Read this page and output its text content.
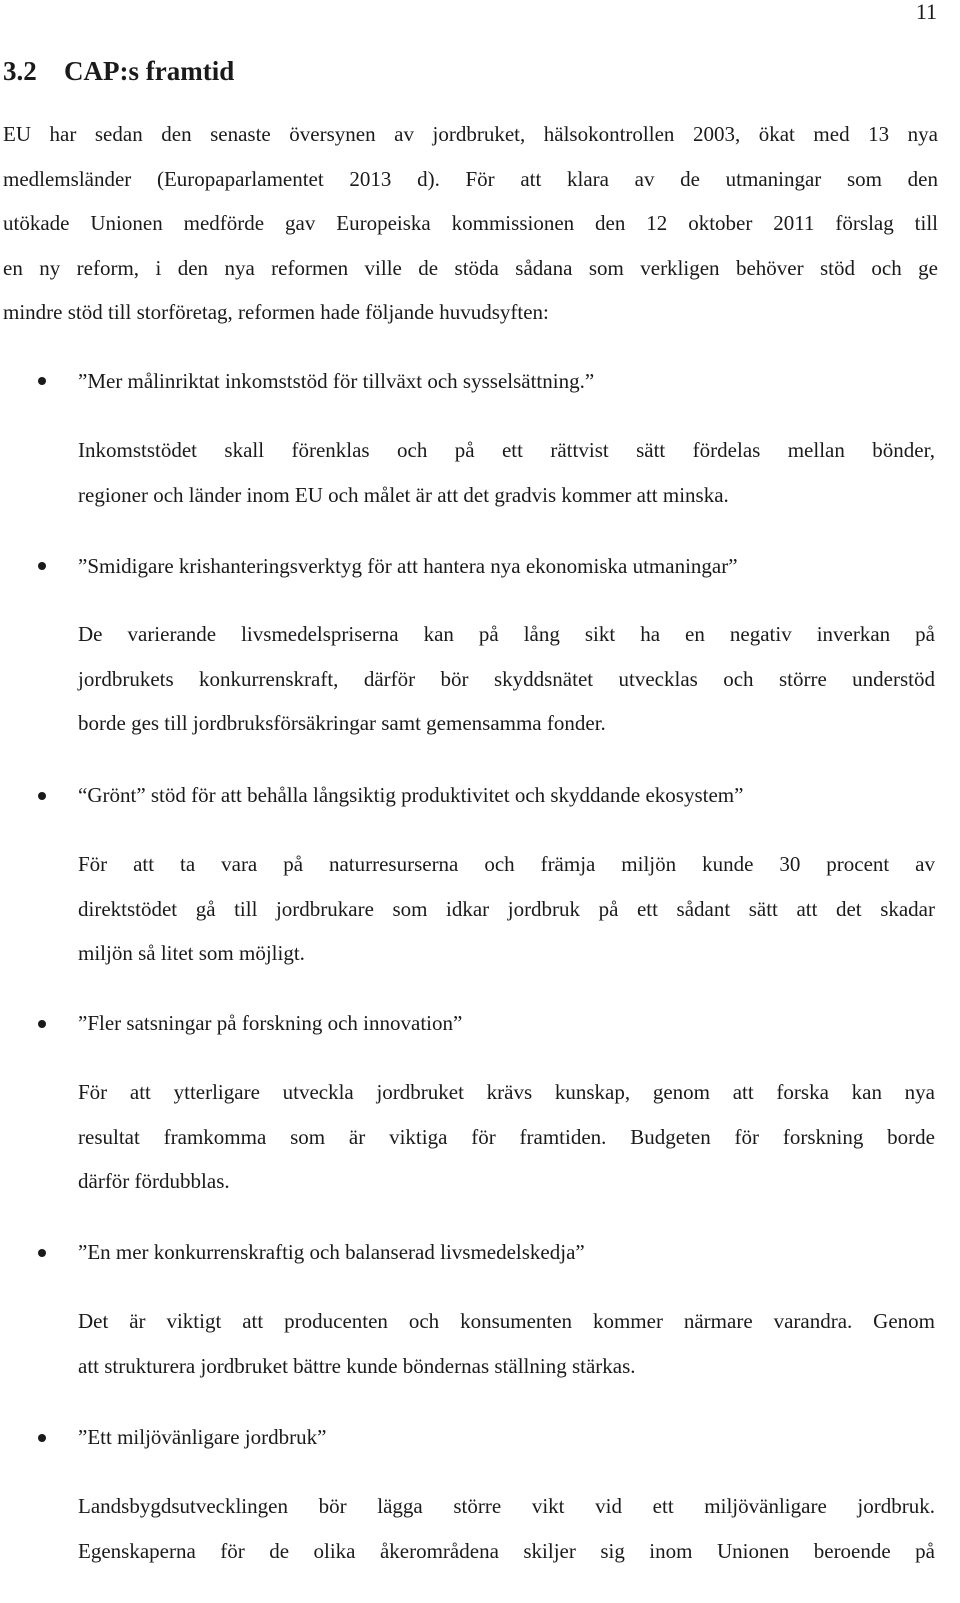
11
3.2 CAP:s framtid
EU har sedan den senaste översynen av jordbruket, hälsokontrollen 2003, ökat med 13 nya
medlemsländer (Europaparlamentet 2013 d). För att klara av de utmaningar som den
utökade Unionen medförde gav Europeiska kommissionen den 12 oktober 2011 förslag till
en ny reform, i den nya reformen ville de stöda sådana som verkligen behöver stöd och ge
mindre stöd till storföretag, reformen hade följande huvudsyften:
”Mer målinriktat inkomststöd för tillväxt och sysselsättning.”
Inkomststödet skall förenklas och på ett rättvist sätt fördelas mellan bönder,
regioner och länder inom EU och målet är att det gradvis kommer att minska.
”Smidigare krishanteringsverktyg för att hantera nya ekonomiska utmaningar”
De varierande livsmedelspriserna kan på lång sikt ha en negativ inverkan på
jordbrukets konkurrenskraft, därför bör skyddsnätet utvecklas och större understöd
borde ges till jordbruksförsäkringar samt gemensamma fonder.
“Grönt” stöd för att behålla långsiktig produktivitet och skyddande ekosystem”
För att ta vara på naturresurserna och främja miljön kunde 30 procent av
direktstödet gå till jordbrukare som idkar jordbruk på ett sådant sätt att det skadar
miljön så litet som möjligt.
”Fler satsningar på forskning och innovation”
För att ytterligare utveckla jordbruket krävs kunskap, genom att forska kan nya
resultat framkomma som är viktiga för framtiden. Budgeten för forskning borde
därför fördubblas.
”En mer konkurrenskraftig och balanserad livsmedelskedja”
Det är viktigt att producenten och konsumenten kommer närmare varandra. Genom
att strukturera jordbruket bättre kunde böndernas ställning stärkas.
”Ett miljövänligare jordbruk”
Landsbygdsutvecklingen bör lägga större vikt vid ett miljövänligare jordbruk.
Egenskaperna för de olika åkerområdena skiljer sig inom Unionen beroende på
